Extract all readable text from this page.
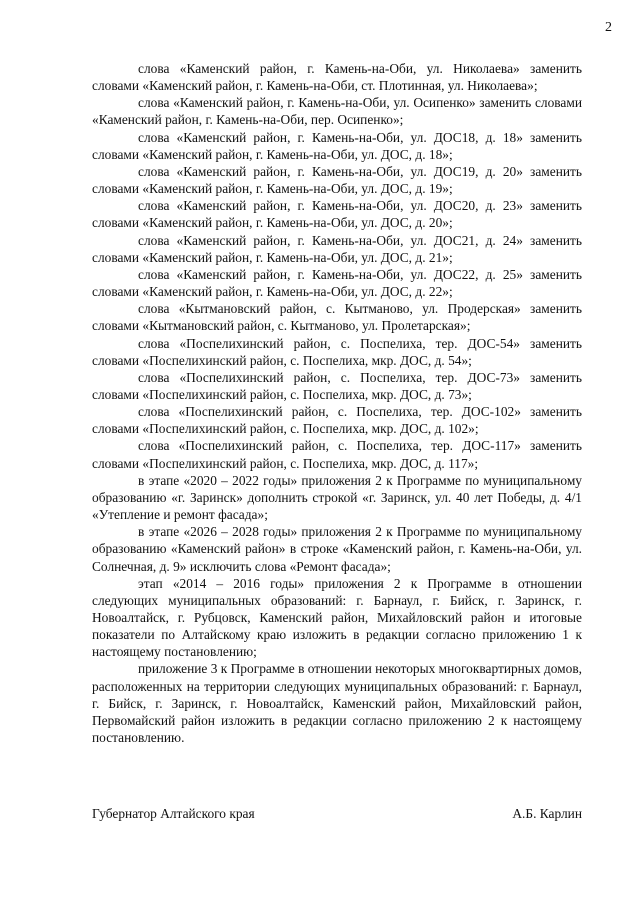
2

слова «Каменский район, г. Камень-на-Оби, ул. Николаева» заменить словами «Каменский район, г. Камень-на-Оби, ст. Плотинная, ул. Николаева»;

слова «Каменский район, г. Камень-на-Оби, ул. Осипенко» заменить словами «Каменский район, г. Камень-на-Оби, пер. Осипенко»;

слова «Каменский район, г. Камень-на-Оби, ул. ДОС18, д. 18» заменить словами «Каменский район, г. Камень-на-Оби, ул. ДОС, д. 18»;

слова «Каменский район, г. Камень-на-Оби, ул. ДОС19, д. 20» заменить словами «Каменский район, г. Камень-на-Оби, ул. ДОС, д. 19»;

слова «Каменский район, г. Камень-на-Оби, ул. ДОС20, д. 23» заменить словами «Каменский район, г. Камень-на-Оби, ул. ДОС, д. 20»;

слова «Каменский район, г. Камень-на-Оби, ул. ДОС21, д. 24» заменить словами «Каменский район, г. Камень-на-Оби, ул. ДОС, д. 21»;

слова «Каменский район, г. Камень-на-Оби, ул. ДОС22, д. 25» заменить словами «Каменский район, г. Камень-на-Оби, ул. ДОС, д. 22»;

слова «Кытмановский район, с. Кытманово, ул. Продерская» заменить словами «Кытмановский район, с. Кытманово, ул. Пролетарская»;

слова «Поспелихинский район, с. Поспелиха, тер. ДОС-54» заменить словами «Поспелихинский район, с. Поспелиха, мкр. ДОС, д. 54»;

слова «Поспелихинский район, с. Поспелиха, тер. ДОС-73» заменить словами «Поспелихинский район, с. Поспелиха, мкр. ДОС, д. 73»;

слова «Поспелихинский район, с. Поспелиха, тер. ДОС-102» заменить словами «Поспелихинский район, с. Поспелиха, мкр. ДОС, д. 102»;

слова «Поспелихинский район, с. Поспелиха, тер. ДОС-117» заменить словами «Поспелихинский район, с. Поспелиха, мкр. ДОС, д. 117»;

в этапе «2020 – 2022 годы» приложения 2 к Программе по муниципальному образованию «г. Заринск» дополнить строкой «г. Заринск, ул. 40 лет Победы, д. 4/1 «Утепление и ремонт фасада»;

в этапе «2026 – 2028 годы» приложения 2 к Программе по муниципальному образованию «Каменский район» в строке «Каменский район, г. Камень-на-Оби, ул. Солнечная, д. 9» исключить слова «Ремонт фасада»;

этап «2014 – 2016 годы» приложения 2 к Программе в отношении следующих муниципальных образований: г. Барнаул, г. Бийск, г. Заринск, г. Новоалтайск, г. Рубцовск, Каменский район, Михайловский район и итоговые показатели по Алтайскому краю изложить в редакции согласно приложению 1 к настоящему постановлению;

приложение 3 к Программе в отношении некоторых многоквартирных домов, расположенных на территории следующих муниципальных образований: г. Барнаул, г. Бийск, г. Заринск, г. Новоалтайск, Каменский район, Михайловский район, Первомайский район изложить в редакции согласно приложению 2 к настоящему постановлению.

Губернатор Алтайского края	А.Б. Карлин
